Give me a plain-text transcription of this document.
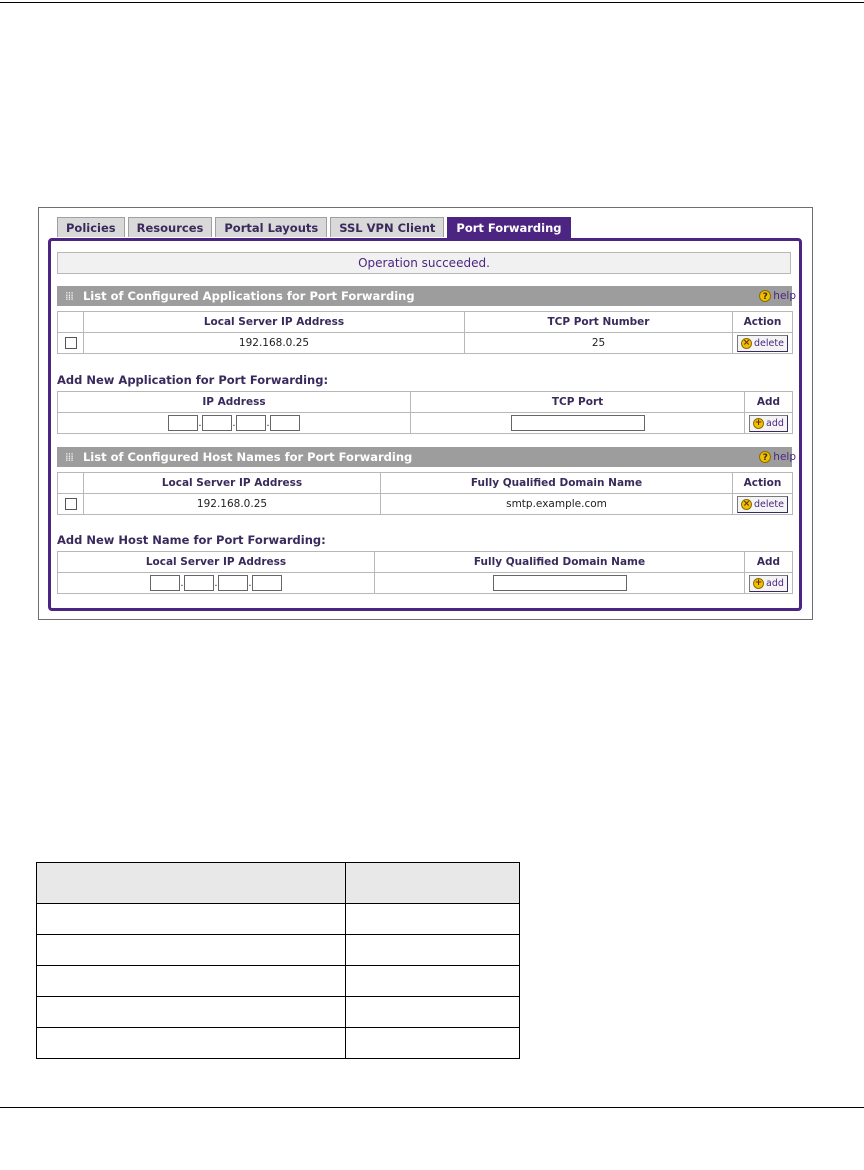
Policies	Resources	Portal Layouts	SSL VPN Client	Port Forwarding
Operation succeeded.
⁞⁞⁞ List of Configured Applications for Port Forwarding	? help
	Local Server IP Address	TCP Port Number	Action
	192.168.0.25	25	× delete
Add New Application for Port Forwarding:
IP Address	TCP Port	Add
. . .		+ add
⁞⁞⁞ List of Configured Host Names for Port Forwarding	? help
	Local Server IP Address	Fully Qualified Domain Name	Action
	192.168.0.25	smtp.example.com	× delete
Add New Host Name for Port Forwarding:
Local Server IP Address	Fully Qualified Domain Name	Add
. . .		+ add
